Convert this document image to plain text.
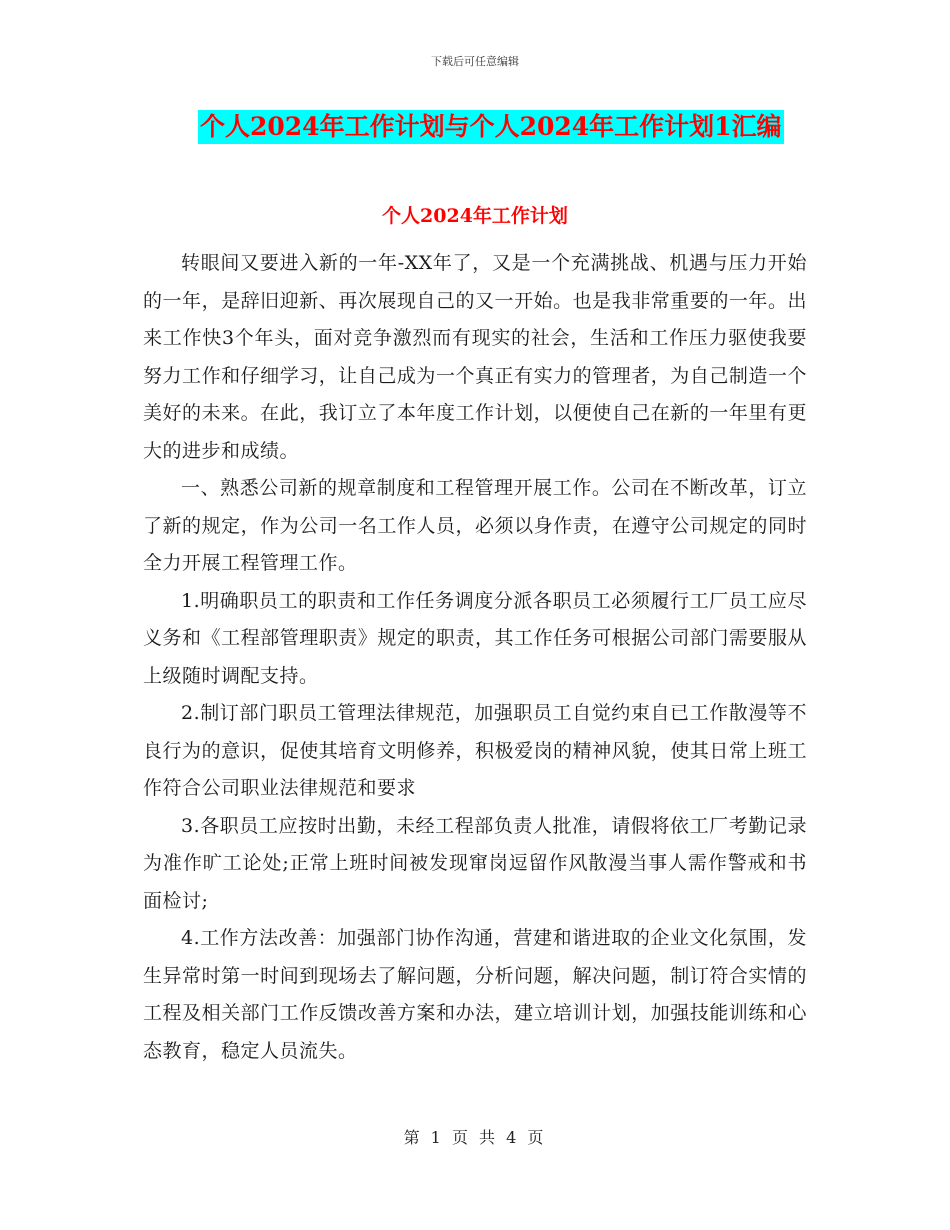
下载后可任意编辑
个人2024年工作计划与个人2024年工作计划1汇编
个人2024年工作计划

转眼间又要进入新的一年-XX年了，又是一个充满挑战、机遇与压力开始的一年，是辞旧迎新、再次展现自己的又一开始。也是我非常重要的一年。出来工作快3个年头，面对竞争激烈而有现实的社会，生活和工作压力驱使我要努力工作和仔细学习，让自己成为一个真正有实力的管理者，为自己制造一个美好的未来。在此，我订立了本年度工作计划，以便使自己在新的一年里有更大的进步和成绩。

一、熟悉公司新的规章制度和工程管理开展工作。公司在不断改革，订立了新的规定，作为公司一名工作人员，必须以身作责，在遵守公司规定的同时全力开展工程管理工作。

1.明确职员工的职责和工作任务调度分派各职员工必须履行工厂员工应尽义务和《工程部管理职责》规定的职责，其工作任务可根据公司部门需要服从上级随时调配支持。

2.制订部门职员工管理法律规范，加强职员工自觉约束自已工作散漫等不良行为的意识，促使其培育文明修养，积极爱岗的精神风貌，使其日常上班工作符合公司职业法律规范和要求

3.各职员工应按时出勤，未经工程部负责人批准，请假将依工厂考勤记录为准作旷工论处;正常上班时间被发现窜岗逗留作风散漫当事人需作警戒和书面检讨;

4.工作方法改善：加强部门协作沟通，营建和谐进取的企业文化氛围，发生异常时第一时间到现场去了解问题，分析问题，解决问题，制订符合实情的工程及相关部门工作反馈改善方案和办法，建立培训计划，加强技能训练和心态教育，稳定人员流失。

第 1 页 共 4 页
